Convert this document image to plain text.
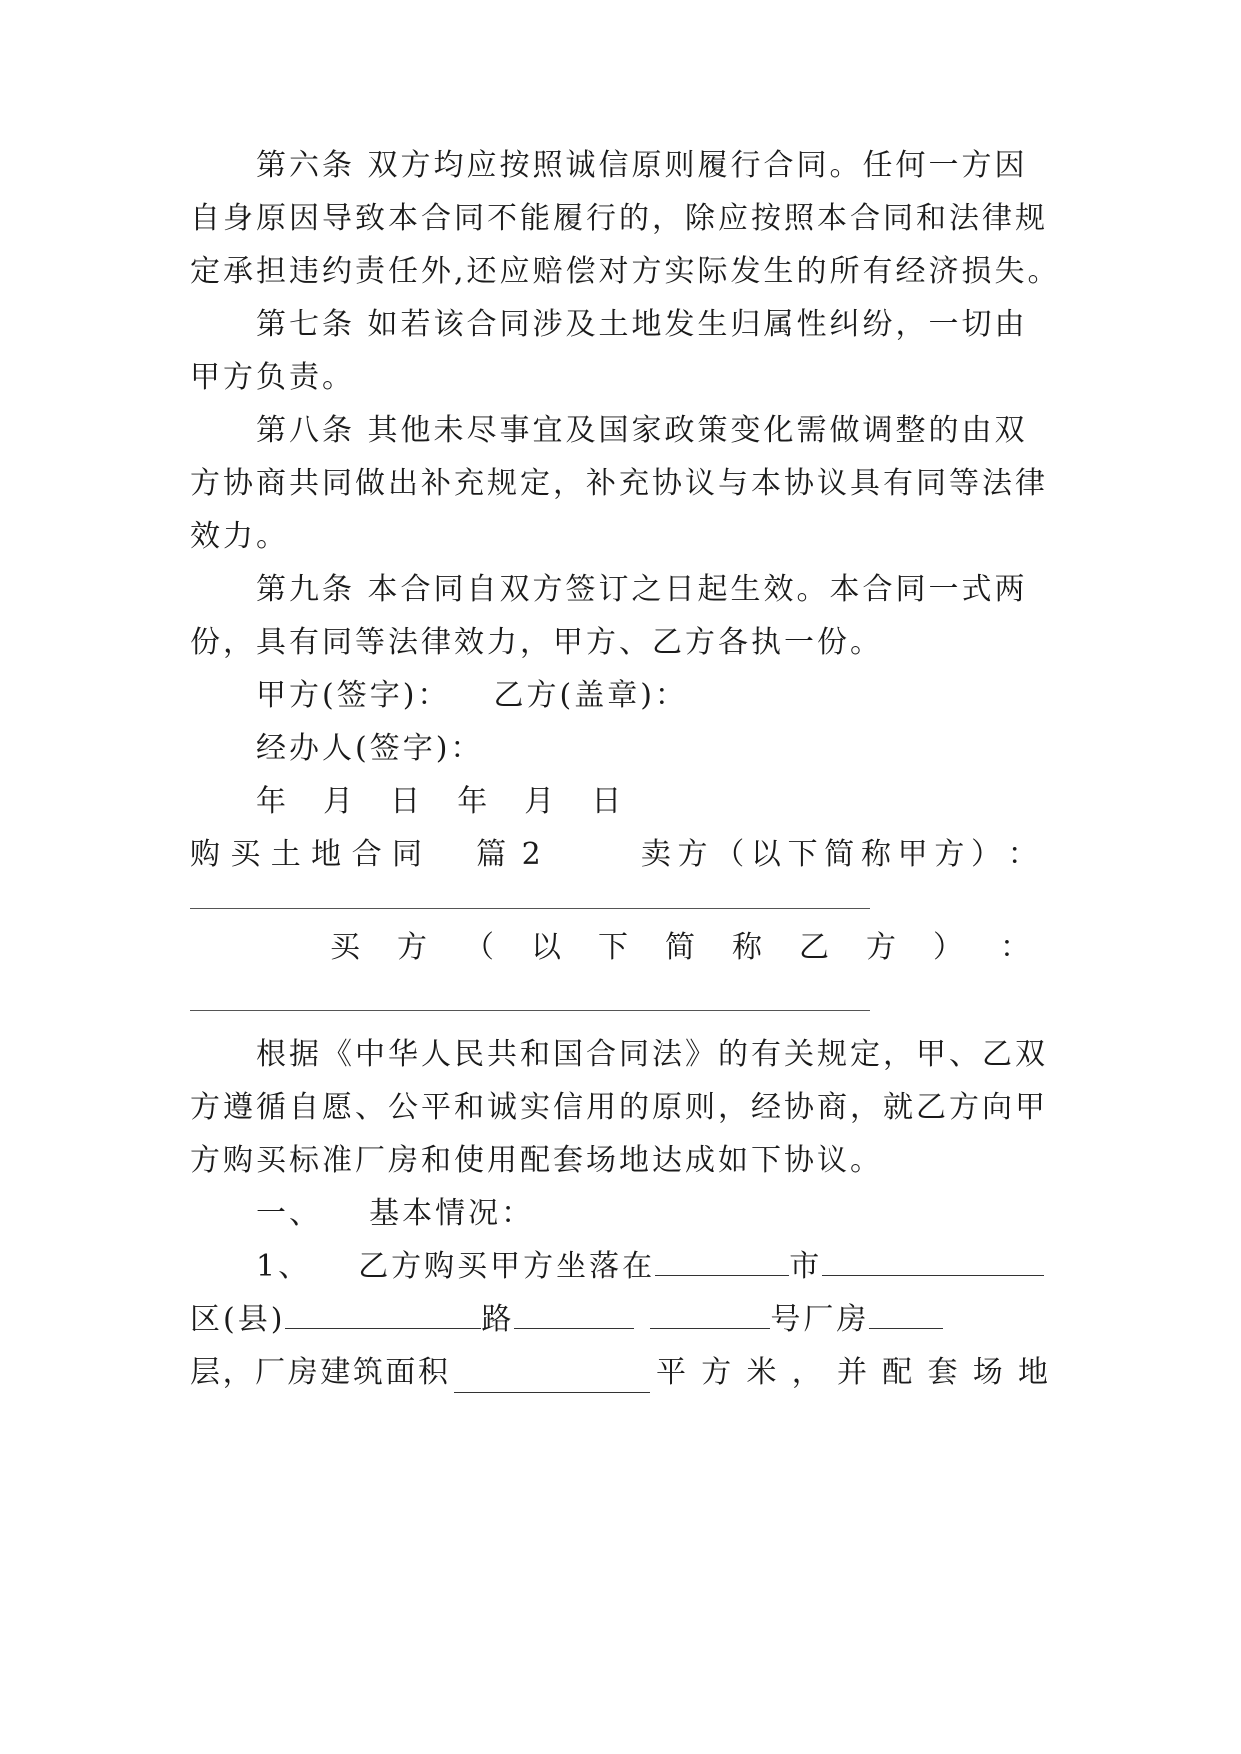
第六条 双方均应按照诚信原则履行合同。任何一方因
自身原因导致本合同不能履行的，除应按照本合同和法律规
定承担违约责任外,还应赔偿对方实际发生的所有经济损失。
第七条 如若该合同涉及土地发生归属性纠纷，一切由
甲方负责。
第八条 其他未尽事宜及国家政策变化需做调整的由双
方协商共同做出补充规定，补充协议与本协议具有同等法律
效力。
第九条 本合同自双方签订之日起生效。本合同一式两
份，具有同等法律效力，甲方、乙方各执一份。
甲方(签字)： 乙方(盖章)：
经办人(签字)：
年  月  日  年  月  日
购 买 土 地 合 同 篇 2	卖 方 （ 以 下 简 称 甲 方 ） ：
买 方 （ 以 下 简 称 乙 方 ） ：
根据《中华人民共和国合同法》的有关规定，甲、乙双
方遵循自愿、公平和诚实信用的原则，经协商，就乙方向甲
方购买标准厂房和使用配套场地达成如下协议。
一、 基本情况：
1、 乙方购买甲方坐落在	市
区(县)	路	号厂房
层 ， 厂 房 建 筑 面 积	平 方 米 ， 并 配 套 场 地
